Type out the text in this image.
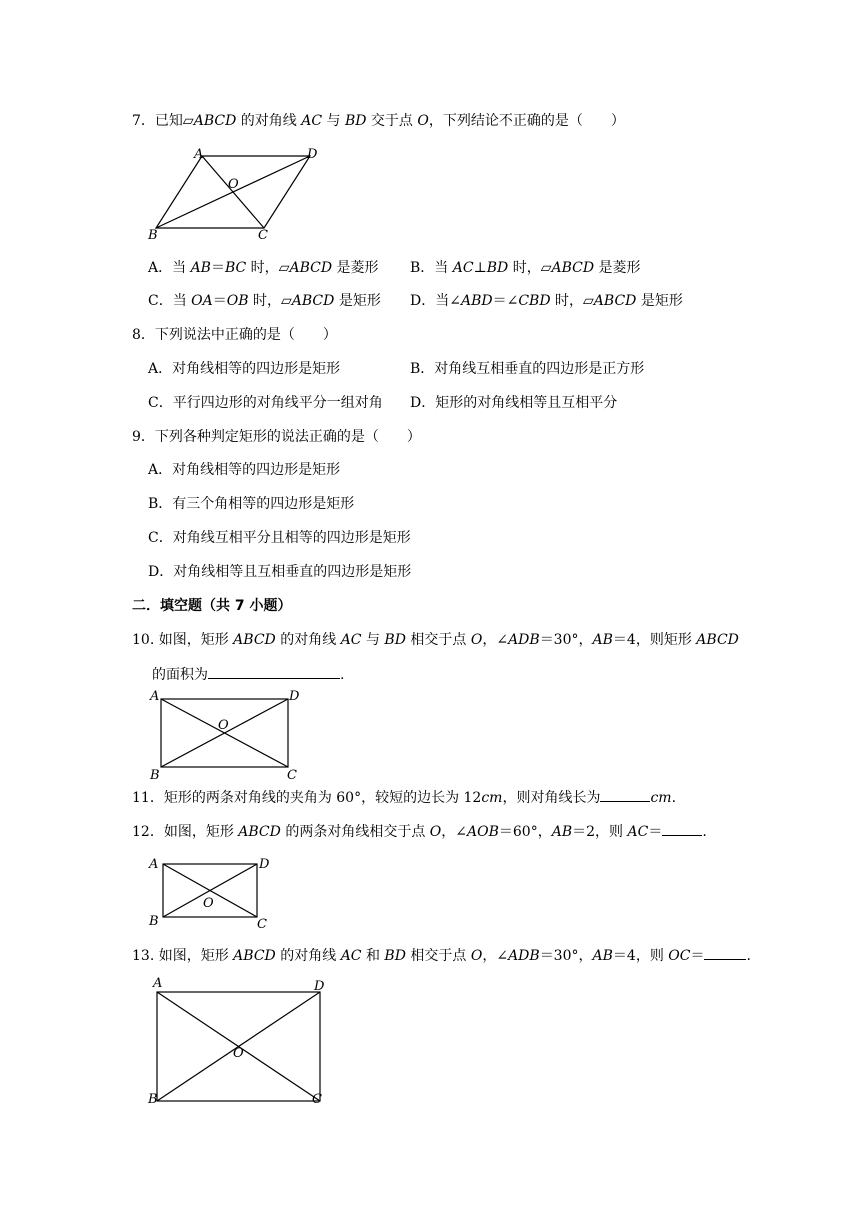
7．已知▱ABCD 的对角线 AC 与 BD 交于点 O，下列结论不正确的是（　　）
A	D
O
B	C
A．当 AB＝BC 时，▱ABCD 是菱形 B．当 AC⊥BD 时，▱ABCD 是菱形
C．当 OA＝OB 时，▱ABCD 是矩形 D．当∠ABD＝∠CBD 时，▱ABCD 是矩形
8．下列说法中正确的是（　　）
A．对角线相等的四边形是矩形	B．对角线互相垂直的四边形是正方形
C．平行四边形的对角线平分一组对角 D．矩形的对角线相等且互相平分
9．下列各种判定矩形的说法正确的是（　　）
A．对角线相等的四边形是矩形
B．有三个角相等的四边形是矩形
C．对角线互相平分且相等的四边形是矩形
D．对角线相等且互相垂直的四边形是矩形
二．填空题（共 7 小题）
10. 如图，矩形 ABCD 的对角线 AC 与 BD 相交于点 O，∠ADB＝30°，AB＝4，则矩形 ABCD
的面积为	.
A	D
O
B	C
11．矩形的两条对角线的夹角为 60°，较短的边长为 12cm，则对角线长为	cm.
12．如图，矩形 ABCD 的两条对角线相交于点 O，∠AOB＝60°，AB＝2，则 AC＝	.
A	D
O
B	C
13. 如图，矩形 ABCD 的对角线 AC 和 BD 相交于点 O，∠ADB＝30°，AB＝4，则 OC＝	.
A	D
O
B	C
